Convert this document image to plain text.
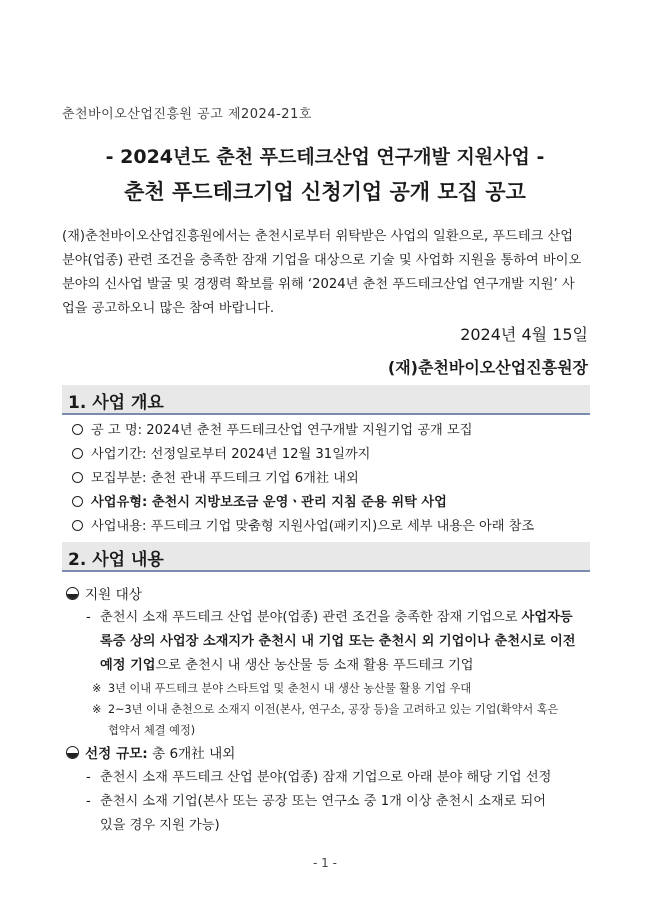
춘천바이오산업진흥원 공고 제2024-21호
- 2024년도 춘천 푸드테크산업 연구개발 지원사업 -
춘천 푸드테크기업 신청기업 공개 모집 공고
(재)춘천바이오산업진흥원에서는 춘천시로부터 위탁받은 사업의 일환으로, 푸드테크 산업
분야(업종) 관련 조건을 충족한 잠재 기업을 대상으로 기술 및 사업화 지원을 통하여 바이오
분야의 신사업 발굴 및 경쟁력 확보를 위해 ‘2024년 춘천 푸드테크산업 연구개발 지원’ 사
업을 공고하오니 많은 참여 바랍니다.
2024년 4월 15일
(재)춘천바이오산업진흥원장
1. 사업 개요
공 고 명: 2024년 춘천 푸드테크산업 연구개발 지원기업 공개 모집
사업기간: 선정일로부터 2024년 12월 31일까지
모집부분: 춘천 관내 푸드테크 기업 6개社 내외
사업유형: 춘천시 지방보조금 운영ㆍ관리 지침 준용 위탁 사업
사업내용: 푸드테크 기업 맞춤형 지원사업(패키지)으로 세부 내용은 아래 참조
2. 사업 내용
지원 대상
- 춘천시 소재 푸드테크 산업 분야(업종) 관련 조건을 충족한 잠재 기업으로 사업자등
록증 상의 사업장 소재지가 춘천시 내 기업 또는 춘천시 외 기업이나 춘천시로 이전
예정 기업으로 춘천시 내 생산 농산물 등 소재 활용 푸드테크 기업
※ 3년 이내 푸드테크 분야 스타트업 및 춘천시 내 생산 농산물 활용 기업 우대
※ 2~3년 이내 춘천으로 소재지 이전(본사, 연구소, 공장 등)을 고려하고 있는 기업(확약서 혹은
협약서 체결 예정)
선정 규모: 총 6개社 내외
- 춘천시 소재 푸드테크 산업 분야(업종) 잠재 기업으로 아래 분야 해당 기업 선정
- 춘천시 소재 기업(본사 또는 공장 또는 연구소 중 1개 이상 춘천시 소재로 되어
있을 경우 지원 가능)
- 1 -
